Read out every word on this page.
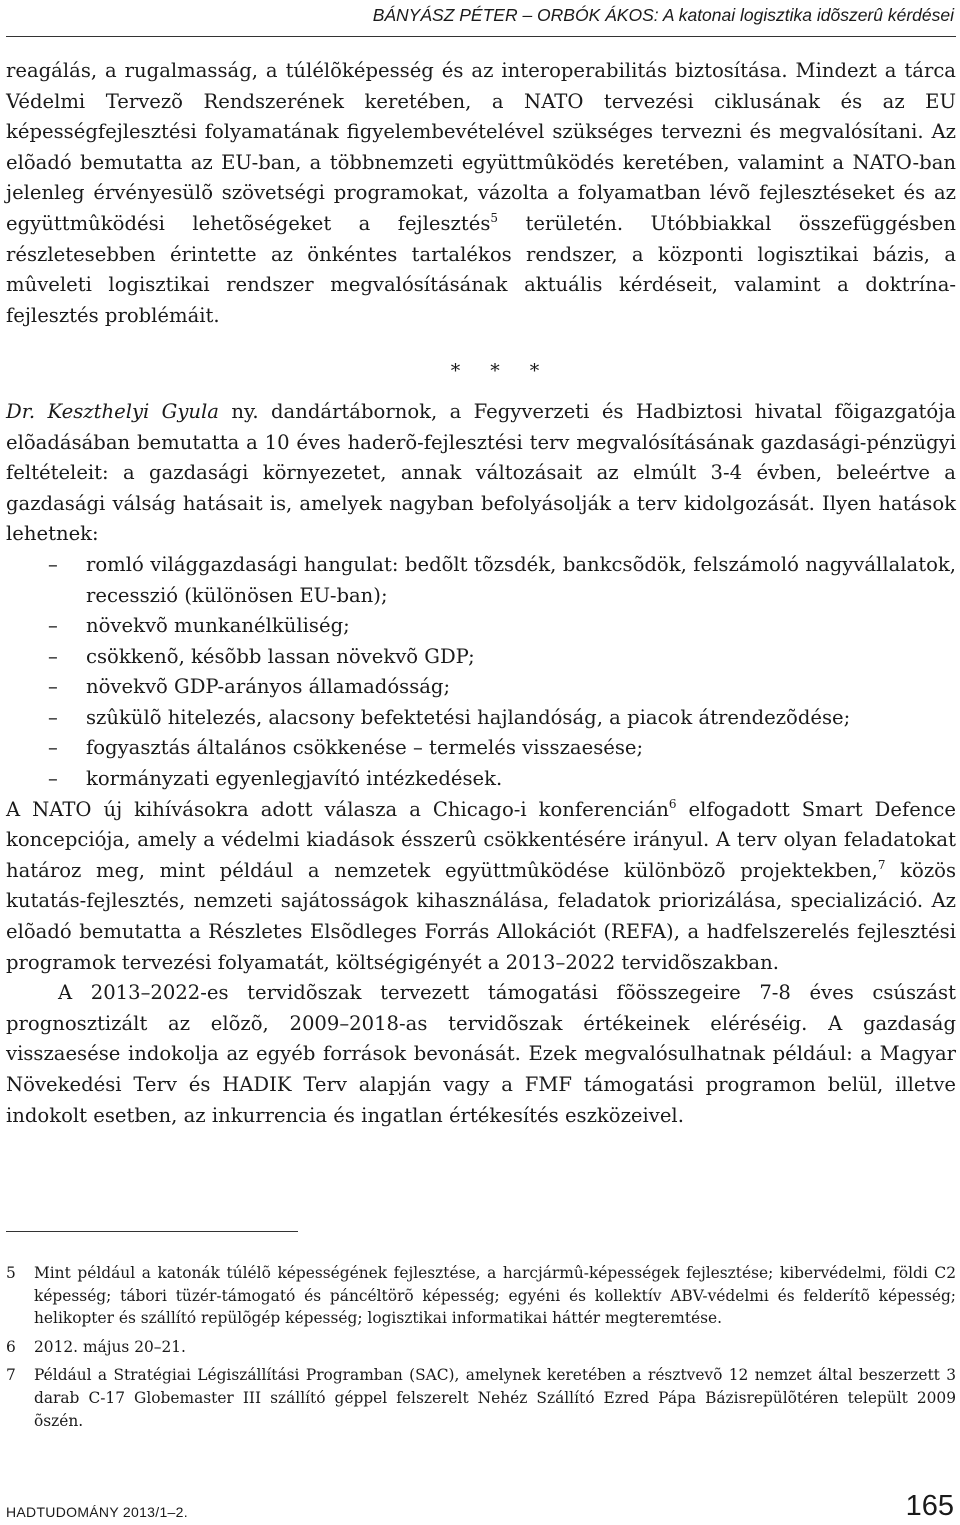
BÁNYÁSZ PÉTER – ORBÓK ÁKOS: A katonai logisztika idõszerû kérdései

reagálás, a rugalmasság, a túlélõképesség és az interoperabilitás biztosítása. Mindezt a tárca Védelmi Tervezõ Rendszerének keretében, a NATO tervezési ciklusának és az EU képességfejlesztési folyamatának figyelembevételével szükséges tervezni és megvalósítani. Az elõadó bemutatta az EU-ban, a többnemzeti együttmûködés keretében, valamint a NATO-ban jelenleg érvényesülõ szövetségi programokat, vázolta a folyamatban lévõ fejlesztéseket és az együttmûködési lehetõségeket a fejlesztés$^5$ területén. Utóbbiakkal összefüggésben részletesebben érintette az önkéntes tartalékos rendszer, a központi logisztikai bázis, a mûveleti logisztikai rendszer megvalósításának aktuális kérdéseit, valamint a doktrína-fejlesztés problémáit.

* * *

Dr. Keszthelyi Gyula ny. dandártábornok, a Fegyverzeti és Hadbiztosi hivatal fõigazgatója elõadásában bemutatta a 10 éves haderõ-fejlesztési terv megvalósításának gazdasági-pénzügyi feltételeit: a gazdasági környezetet, annak változásait az elmúlt 3-4 évben, beleértve a gazdasági válság hatásait is, amelyek nagyban befolyásolják a terv kidolgozását. Ilyen hatások lehetnek:

– romló világgazdasági hangulat: bedõlt tõzsdék, bankcsõdök, felszámoló nagyvállalatok, recesszió (különösen EU-ban);
– növekvõ munkanélküliség;
– csökkenõ, késõbb lassan növekvõ GDP;
– növekvõ GDP-arányos államadósság;
– szûkülõ hitelezés, alacsony befektetési hajlandóság, a piacok átrendezõdése;
– fogyasztás általános csökkenése – termelés visszaesése;
– kormányzati egyenlegjavító intézkedések.

A NATO új kihívásokra adott válasza a Chicago-i konferencián$^6$ elfogadott Smart Defence koncepciója, amely a védelmi kiadások ésszerû csökkentésére irányul. A terv olyan feladatokat határoz meg, mint például a nemzetek együttmûködése különbözõ projektekben,$^7$ közös kutatás-fejlesztés, nemzeti sajátosságok kihasználása, feladatok priorizálása, specializáció. Az elõadó bemutatta a Részletes Elsõdleges Forrás Allokációt (REFA), a hadfelszerelés fejlesztési programok tervezési folyamatát, költségigényét a 2013–2022 tervidõszakban.

A 2013–2022-es tervidõszak tervezett támogatási fõösszegeire 7-8 éves csúszást prognosztizált az elõzõ, 2009–2018-as tervidõszak értékeinek eléréséig. A gazdaság visszaesése indokolja az egyéb források bevonását. Ezek megvalósulhatnak például: a Magyar Növekedési Terv és HADIK Terv alapján vagy a FMF támogatási programon belül, illetve indokolt esetben, az inkurrencia és ingatlan értékesítés eszközeivel.

5 Mint például a katonák túlélõ képességének fejlesztése, a harcjármû-képességek fejlesztése; kibervédelmi, földi C2 képesség; tábori tüzér-támogató és páncéltörõ képesség; egyéni és kollektív ABV-védelmi és felderítõ képesség; helikopter és szállító repülõgép képesség; logisztikai informatikai háttér megteremtése.
6 2012. május 20–21.
7 Például a Stratégiai Légiszállítási Programban (SAC), amelynek keretében a résztvevõ 12 nemzet által beszerzett 3 darab C-17 Globemaster III szállító géppel felszerelt Nehéz Szállító Ezred Pápa Bázisrepülõtéren települt 2009 õszén.
HADTUDOMÁNY 2013/1–2.	165
